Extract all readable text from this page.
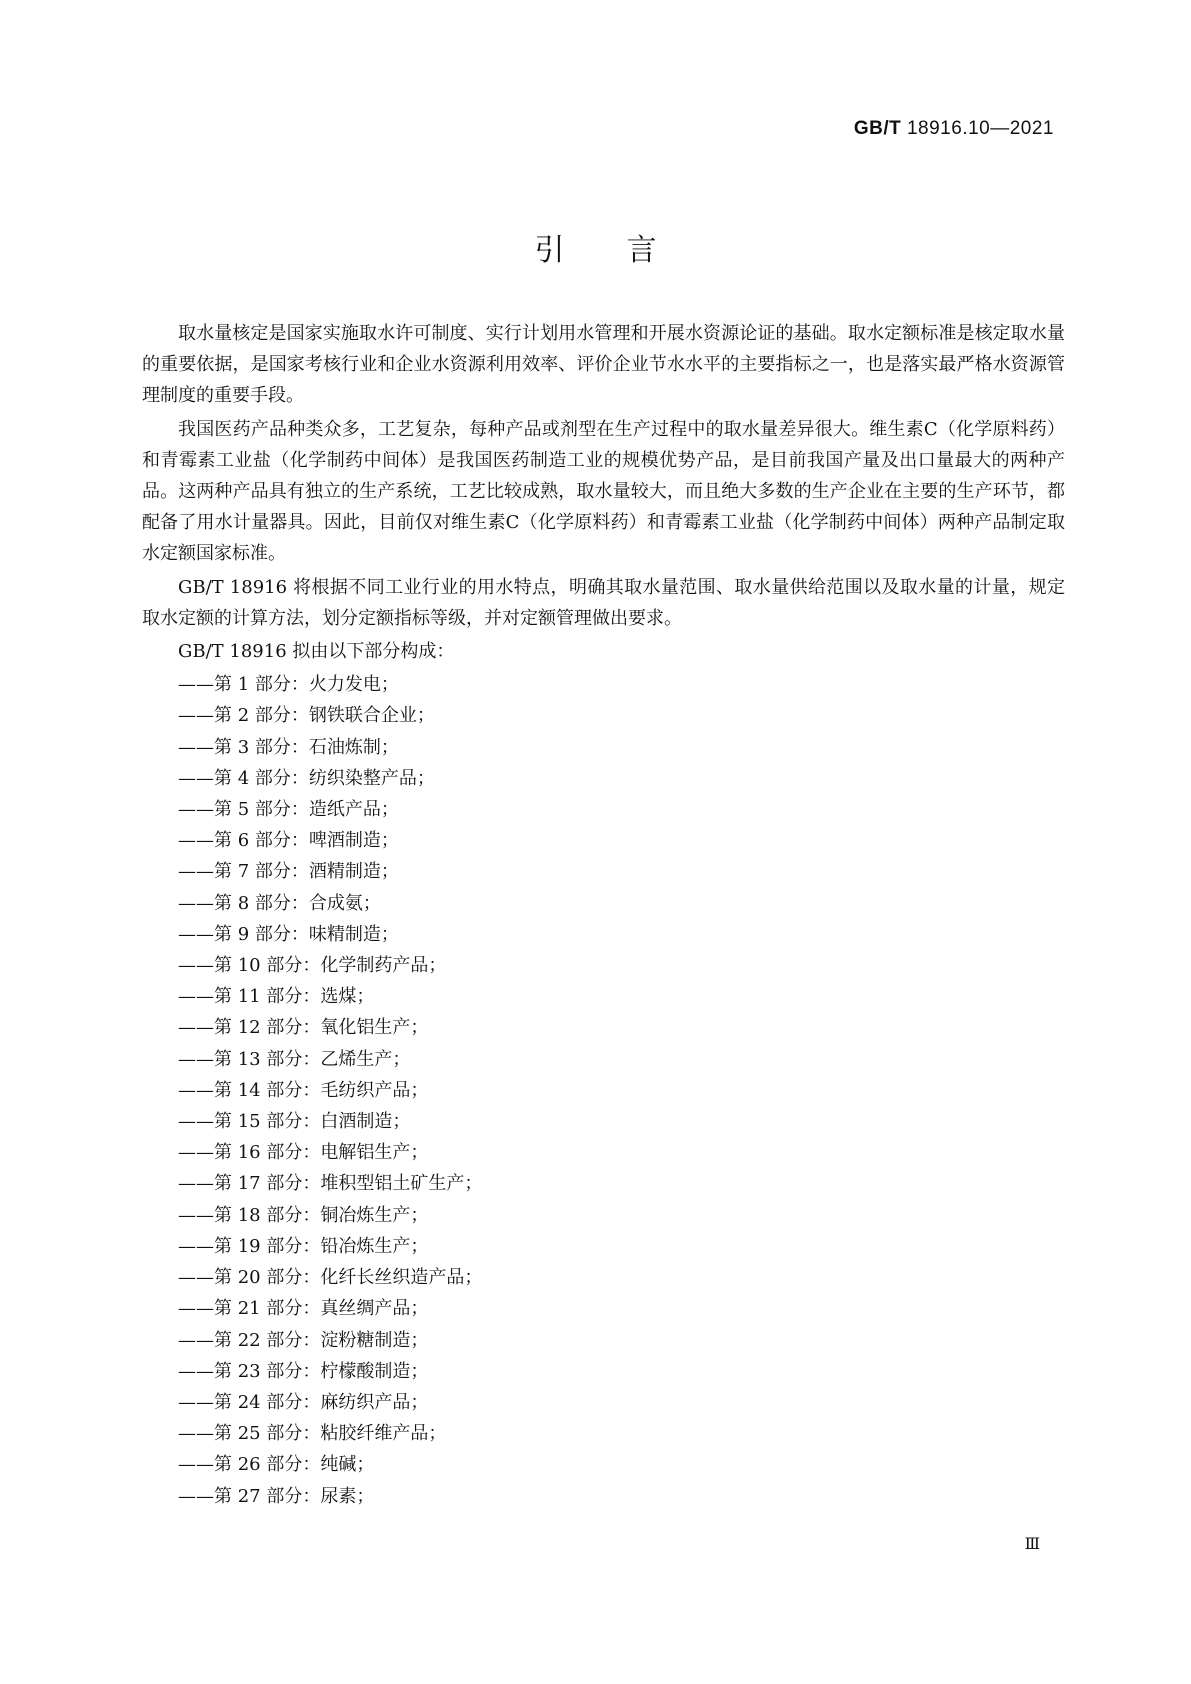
GB/T 18916.10—2021
引言

取水量核定是国家实施取水许可制度、实行计划用水管理和开展水资源论证的基础。取水定额标准是核定取水量的重要依据，是国家考核行业和企业水资源利用效率、评价企业节水水平的主要指标之一，也是落实最严格水资源管理制度的重要手段。

我国医药产品种类众多，工艺复杂，每种产品或剂型在生产过程中的取水量差异很大。维生素C（化学原料药）和青霉素工业盐（化学制药中间体）是我国医药制造工业的规模优势产品，是目前我国产量及出口量最大的两种产品。这两种产品具有独立的生产系统，工艺比较成熟，取水量较大，而且绝大多数的生产企业在主要的生产环节，都配备了用水计量器具。因此，目前仅对维生素C（化学原料药）和青霉素工业盐（化学制药中间体）两种产品制定取水定额国家标准。

GB/T 18916 将根据不同工业行业的用水特点，明确其取水量范围、取水量供给范围以及取水量的计量，规定取水定额的计算方法，划分定额指标等级，并对定额管理做出要求。

GB/T 18916 拟由以下部分构成：

——第 1 部分：火力发电；
——第 2 部分：钢铁联合企业；
——第 3 部分：石油炼制；
——第 4 部分：纺织染整产品；
——第 5 部分：造纸产品；
——第 6 部分：啤酒制造；
——第 7 部分：酒精制造；
——第 8 部分：合成氨；
——第 9 部分：味精制造；
——第 10 部分：化学制药产品；
——第 11 部分：选煤；
——第 12 部分：氧化铝生产；
——第 13 部分：乙烯生产；
——第 14 部分：毛纺织产品；
——第 15 部分：白酒制造；
——第 16 部分：电解铝生产；
——第 17 部分：堆积型铝土矿生产；
——第 18 部分：铜冶炼生产；
——第 19 部分：铅冶炼生产；
——第 20 部分：化纤长丝织造产品；
——第 21 部分：真丝绸产品；
——第 22 部分：淀粉糖制造；
——第 23 部分：柠檬酸制造；
——第 24 部分：麻纺织产品；
——第 25 部分：粘胶纤维产品；
——第 26 部分：纯碱；
——第 27 部分：尿素；
Ⅲ
